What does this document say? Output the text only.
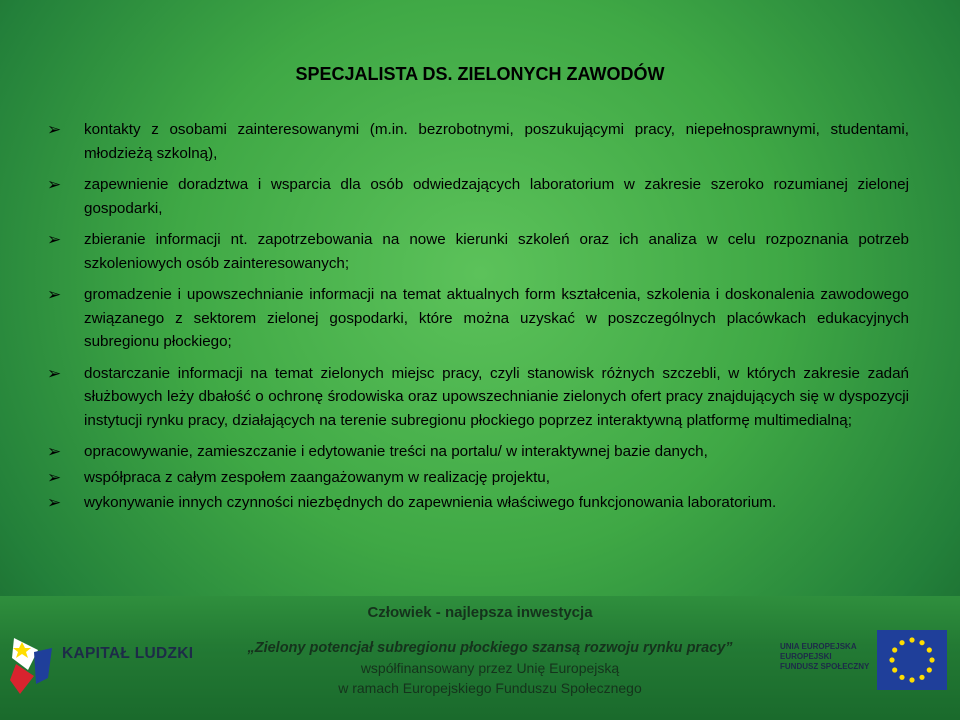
SPECJALISTA DS. ZIELONYCH ZAWODÓW
➢ kontakty z osobami zainteresowanymi (m.in. bezrobotnymi, poszukującymi pracy, niepełnosprawnymi, studentami, młodzieżą szkolną),
➢ zapewnienie doradztwa i wsparcia dla osób odwiedzających laboratorium w zakresie szeroko rozumianej zielonej gospodarki,
➢ zbieranie informacji nt. zapotrzebowania na nowe kierunki szkoleń oraz ich analiza w celu rozpoznania potrzeb szkoleniowych osób zainteresowanych;
➢ gromadzenie i upowszechnianie informacji na temat aktualnych form kształcenia, szkolenia i doskonalenia zawodowego związanego z sektorem zielonej gospodarki, które można uzyskać w poszczególnych placówkach edukacyjnych subregionu płockiego;
➢ dostarczanie informacji na temat zielonych miejsc pracy, czyli stanowisk różnych szczebli, w których zakresie zadań służbowych leży dbałość o ochronę środowiska oraz upowszechnianie zielonych ofert pracy znajdujących się w dyspozycji instytucji rynku pracy, działających na terenie subregionu płockiego poprzez interaktywną platformę multimedialną;
➢ opracowywanie, zamieszczanie i edytowanie treści na portalu/ w interaktywnej bazie danych,
➢ współpraca z całym zespołem zaangażowanym w realizację projektu,
➢ wykonywanie innych czynności niezbędnych do zapewnienia właściwego funkcjonowania laboratorium.
KAPITAŁ LUDZKI
Człowiek - najlepsza inwestycja
„Zielony potencjał subregionu płockiego szansą rozwoju rynku pracy”
współfinansowany przez Unię Europejską
w ramach Europejskiego Funduszu Społecznego
UNIA EUROPEJSKA
EUROPEJSKI
FUNDUSZ SPOŁECZNY
